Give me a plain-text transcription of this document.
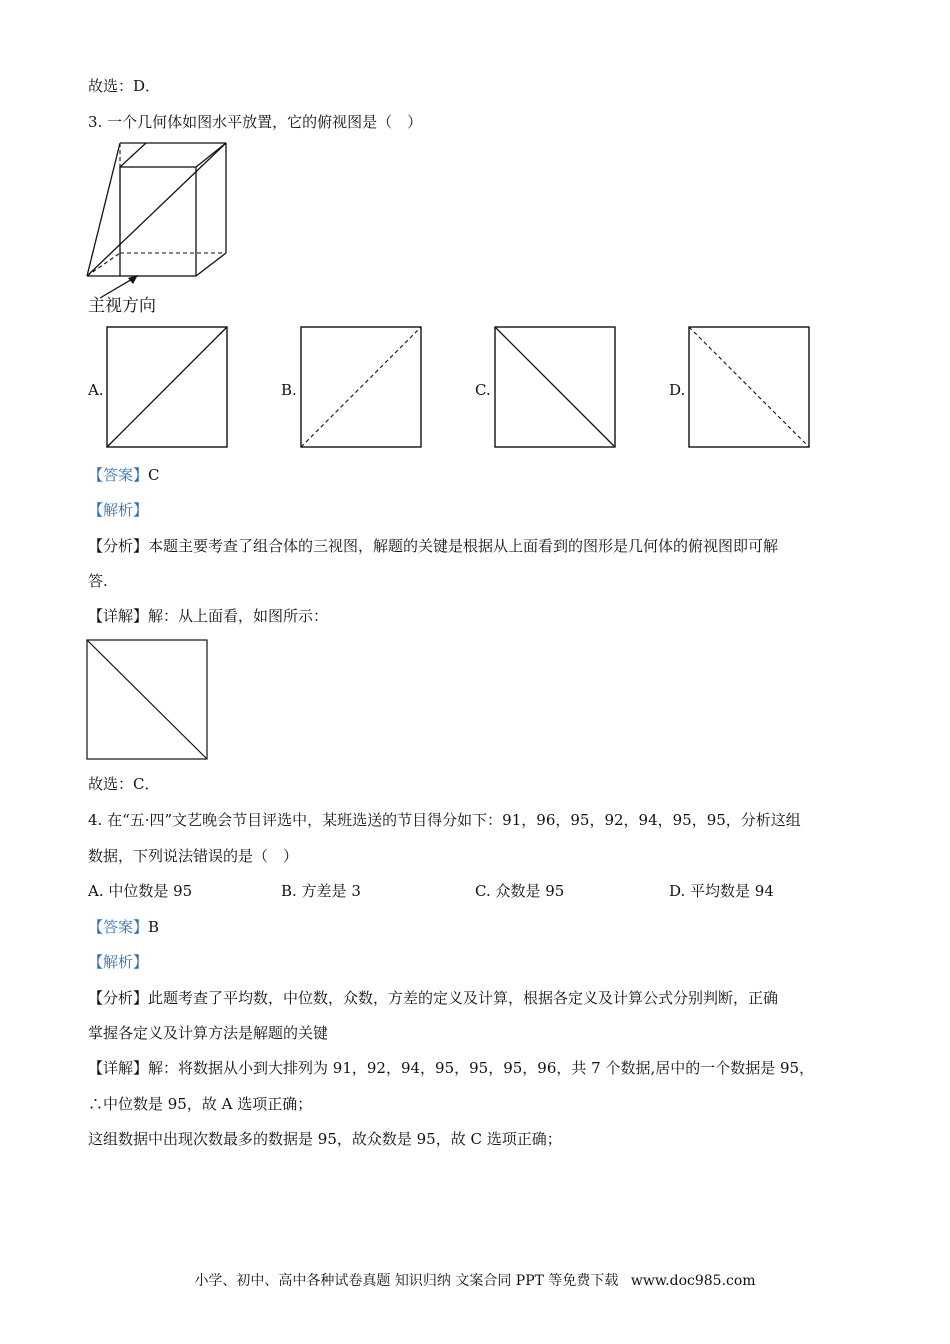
故选：D．
3. 一个几何体如图水平放置，它的俯视图是（　）
主视方向
A.	B.	C.	D.
【答案】C
【解析】
【分析】本题主要考查了组合体的三视图，解题的关键是根据从上面看到的图形是几何体的俯视图即可解
答.
【详解】解：从上面看，如图所示：
故选：C．
4. 在“五·四”文艺晚会节目评选中，某班选送的节目得分如下：91，96，95，92，94，95，95，分析这组
数据，下列说法错误的是（　）
A. 中位数是 95	B. 方差是 3	C. 众数是 95	D. 平均数是 94
【答案】B
【解析】
【分析】此题考查了平均数，中位数，众数，方差的定义及计算，根据各定义及计算公式分别判断，正确
掌握各定义及计算方法是解题的关键
【详解】解：将数据从小到大排列为 91，92，94，95，95，95，96，共 7 个数据,居中的一个数据是 95，
∴中位数是 95，故 A 选项正确；
这组数据中出现次数最多的数据是 95，故众数是 95，故 C 选项正确；
小学、初中、高中各种试卷真题 知识归纳 文案合同 PPT 等免费下载 www.doc985.com
